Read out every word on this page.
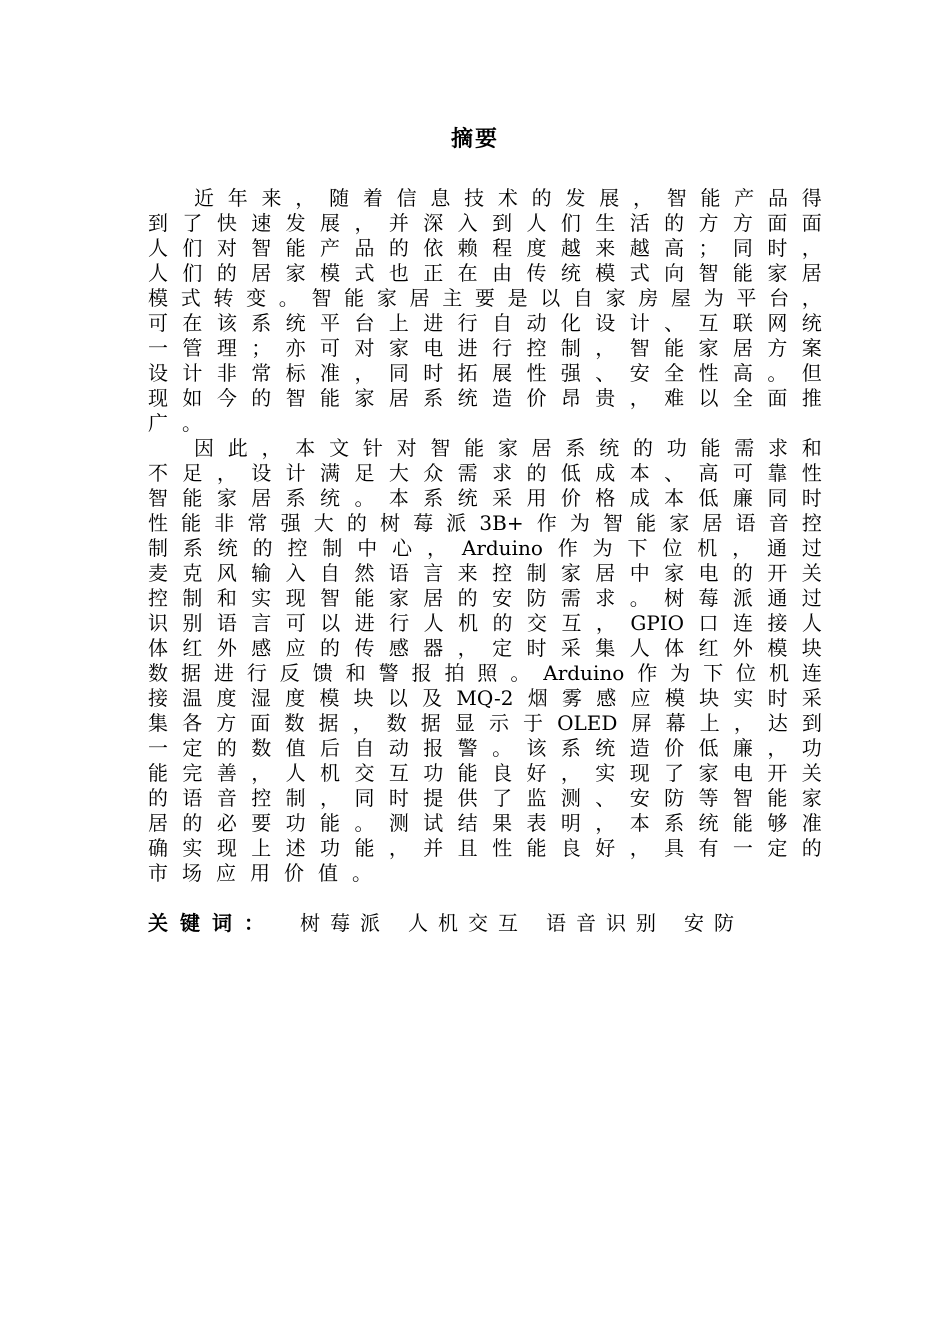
摘要
近 年 来 ， 随 着 信 息 技 术 的 发 展 ， 智 能 产 品 得
到 了 快 速 发 展 ， 并 深 入 到 人 们 生 活 的 方 方 面 面
人 们 对 智 能 产 品 的 依 赖 程 度 越 来 越 高 ； 同 时 ，
人 们 的 居 家 模 式 也 正 在 由 传 统 模 式 向 智 能 家 居
模 式 转 变 。 智 能 家 居 主 要 是 以 自 家 房 屋 为 平 台 ，
可 在 该 系 统 平 台 上 进 行 自 动 化 设 计 、 互 联 网 统
一 管 理 ； 亦 可 对 家 电 进 行 控 制 ， 智 能 家 居 方 案
设 计 非 常 标 准 ， 同 时 拓 展 性 强 、 安 全 性 高 。 但
现 如 今 的 智 能 家 居 系 统 造 价 昂 贵 ， 难 以 全 面 推
广 。
因 此 ， 本 文 针 对 智 能 家 居 系 统 的 功 能 需 求 和
不 足 ， 设 计 满 足 大 众 需 求 的 低 成 本 、 高 可 靠 性
智 能 家 居 系 统 。 本 系 统 采 用 价 格 成 本 低 廉 同 时
性 能 非 常 强 大 的 树 莓 派 3B+ 作 为 智 能 家 居 语 音 控
制 系 统 的 控 制 中 心 ， Arduino 作 为 下 位 机 ， 通 过
麦 克 风 输 入 自 然 语 言 来 控 制 家 居 中 家 电 的 开 关
控 制 和 实 现 智 能 家 居 的 安 防 需 求 。 树 莓 派 通 过
识 别 语 言 可 以 进 行 人 机 的 交 互 ， GPIO 口 连 接 人
体 红 外 感 应 的 传 感 器 ， 定 时 采 集 人 体 红 外 模 块
数 据 进 行 反 馈 和 警 报 拍 照 。 Arduino 作 为 下 位 机 连
接 温 度 湿 度 模 块 以 及 MQ-2 烟 雾 感 应 模 块 实 时 采
集 各 方 面 数 据 ， 数 据 显 示 于 OLED 屏 幕 上 ， 达 到
一 定 的 数 值 后 自 动 报 警 。 该 系 统 造 价 低 廉 ， 功
能 完 善 ， 人 机 交 互 功 能 良 好 ， 实 现 了 家 电 开 关
的 语 音 控 制 ， 同 时 提 供 了 监 测 、 安 防 等 智 能 家
居 的 必 要 功 能 。 测 试 结 果 表 明 ， 本 系 统 能 够 准
确 实 现 上 述 功 能 ， 并 且 性 能 良 好 ， 具 有 一 定 的
市 场 应 用 价 值 。
关键词： 树莓派 人机交互 语音识别 安防
